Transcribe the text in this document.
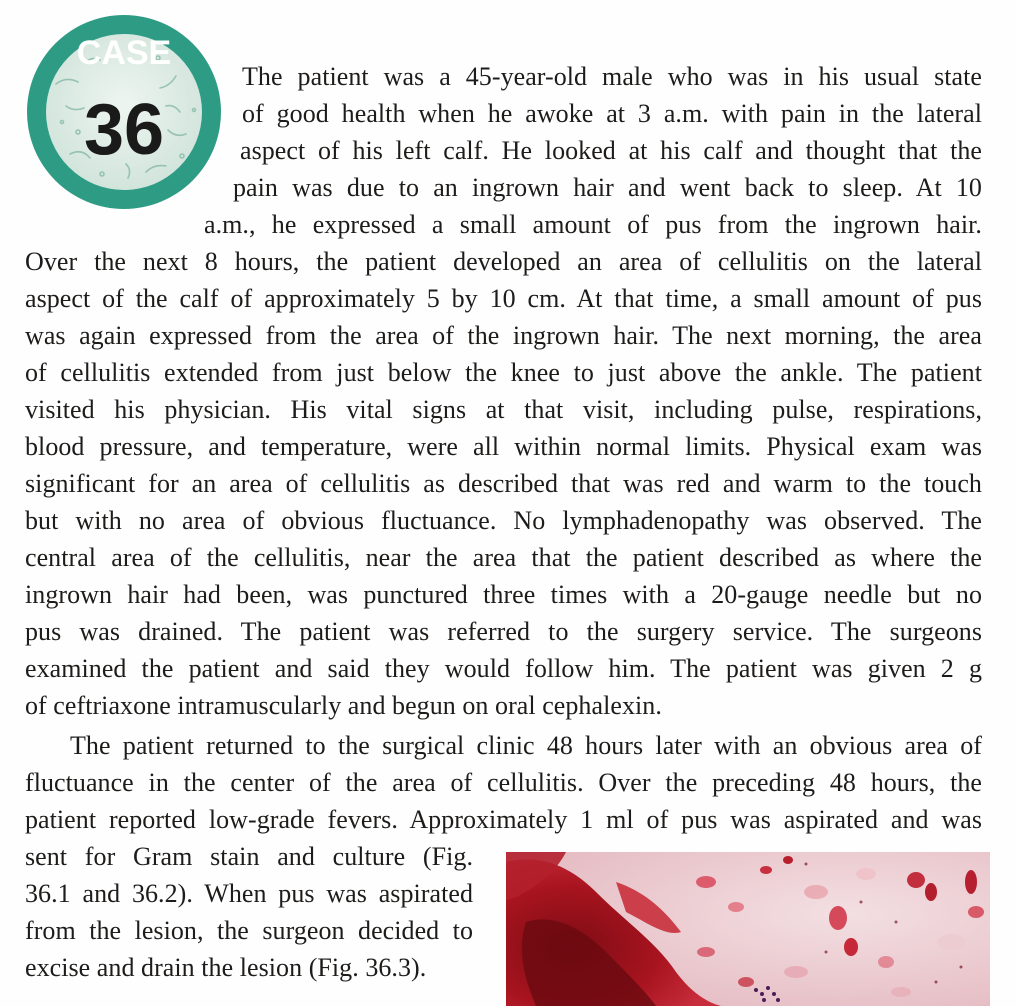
CASE
36
The patient was a 45-year-old male who was in his usual state
of good health when he awoke at 3 a.m. with pain in the lateral
aspect of his left calf. He looked at his calf and thought that the
pain was due to an ingrown hair and went back to sleep. At 10
a.m., he expressed a small amount of pus from the ingrown hair.
Over the next 8 hours, the patient developed an area of cellulitis on the lateral
aspect of the calf of approximately 5 by 10 cm. At that time, a small amount of pus
was again expressed from the area of the ingrown hair. The next morning, the area
of cellulitis extended from just below the knee to just above the ankle. The patient
visited his physician. His vital signs at that visit, including pulse, respirations,
blood pressure, and temperature, were all within normal limits. Physical exam was
significant for an area of cellulitis as described that was red and warm to the touch
but with no area of obvious fluctuance. No lymphadenopathy was observed. The
central area of the cellulitis, near the area that the patient described as where the
ingrown hair had been, was punctured three times with a 20-gauge needle but no
pus was drained. The patient was referred to the surgery service. The surgeons
examined the patient and said they would follow him. The patient was given 2 g
of ceftriaxone intramuscularly and begun on oral cephalexin.
The patient returned to the surgical clinic 48 hours later with an obvious area of
fluctuance in the center of the area of cellulitis. Over the preceding 48 hours, the
patient reported low-grade fevers. Approximately 1 ml of pus was aspirated and was
sent for Gram stain and culture (Fig.
36.1 and 36.2). When pus was aspirated
from the lesion, the surgeon decided to
excise and drain the lesion (Fig. 36.3).
